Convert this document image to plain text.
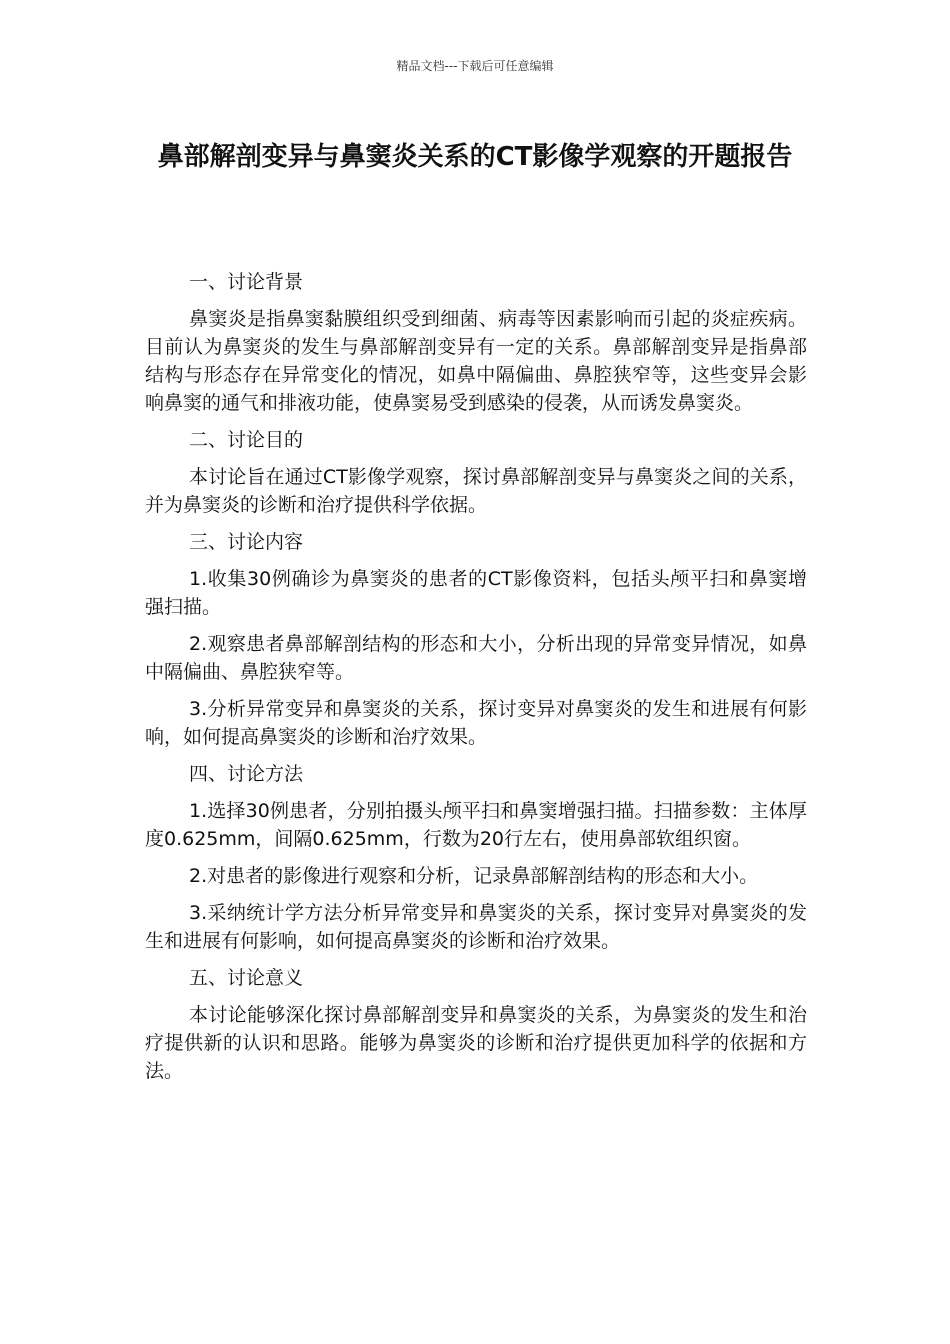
精品文档---下载后可任意编辑
鼻部解剖变异与鼻窦炎关系的CT影像学观察的开题报告

一、讨论背景

鼻窦炎是指鼻窦黏膜组织受到细菌、病毒等因素影响而引起的炎症疾病。目前认为鼻窦炎的发生与鼻部解剖变异有一定的关系。鼻部解剖变异是指鼻部结构与形态存在异常变化的情况，如鼻中隔偏曲、鼻腔狭窄等，这些变异会影响鼻窦的通气和排液功能，使鼻窦易受到感染的侵袭，从而诱发鼻窦炎。

二、讨论目的

本讨论旨在通过CT影像学观察，探讨鼻部解剖变异与鼻窦炎之间的关系，并为鼻窦炎的诊断和治疗提供科学依据。

三、讨论内容

1.收集30例确诊为鼻窦炎的患者的CT影像资料，包括头颅平扫和鼻窦增强扫描。

2.观察患者鼻部解剖结构的形态和大小，分析出现的异常变异情况，如鼻中隔偏曲、鼻腔狭窄等。

3.分析异常变异和鼻窦炎的关系，探讨变异对鼻窦炎的发生和进展有何影响，如何提高鼻窦炎的诊断和治疗效果。

四、讨论方法

1.选择30例患者，分别拍摄头颅平扫和鼻窦增强扫描。扫描参数：主体厚度0.625mm，间隔0.625mm，行数为20行左右，使用鼻部软组织窗。

2.对患者的影像进行观察和分析，记录鼻部解剖结构的形态和大小。

3.采纳统计学方法分析异常变异和鼻窦炎的关系，探讨变异对鼻窦炎的发生和进展有何影响，如何提高鼻窦炎的诊断和治疗效果。

五、讨论意义

本讨论能够深化探讨鼻部解剖变异和鼻窦炎的关系，为鼻窦炎的发生和治疗提供新的认识和思路。能够为鼻窦炎的诊断和治疗提供更加科学的依据和方法。
